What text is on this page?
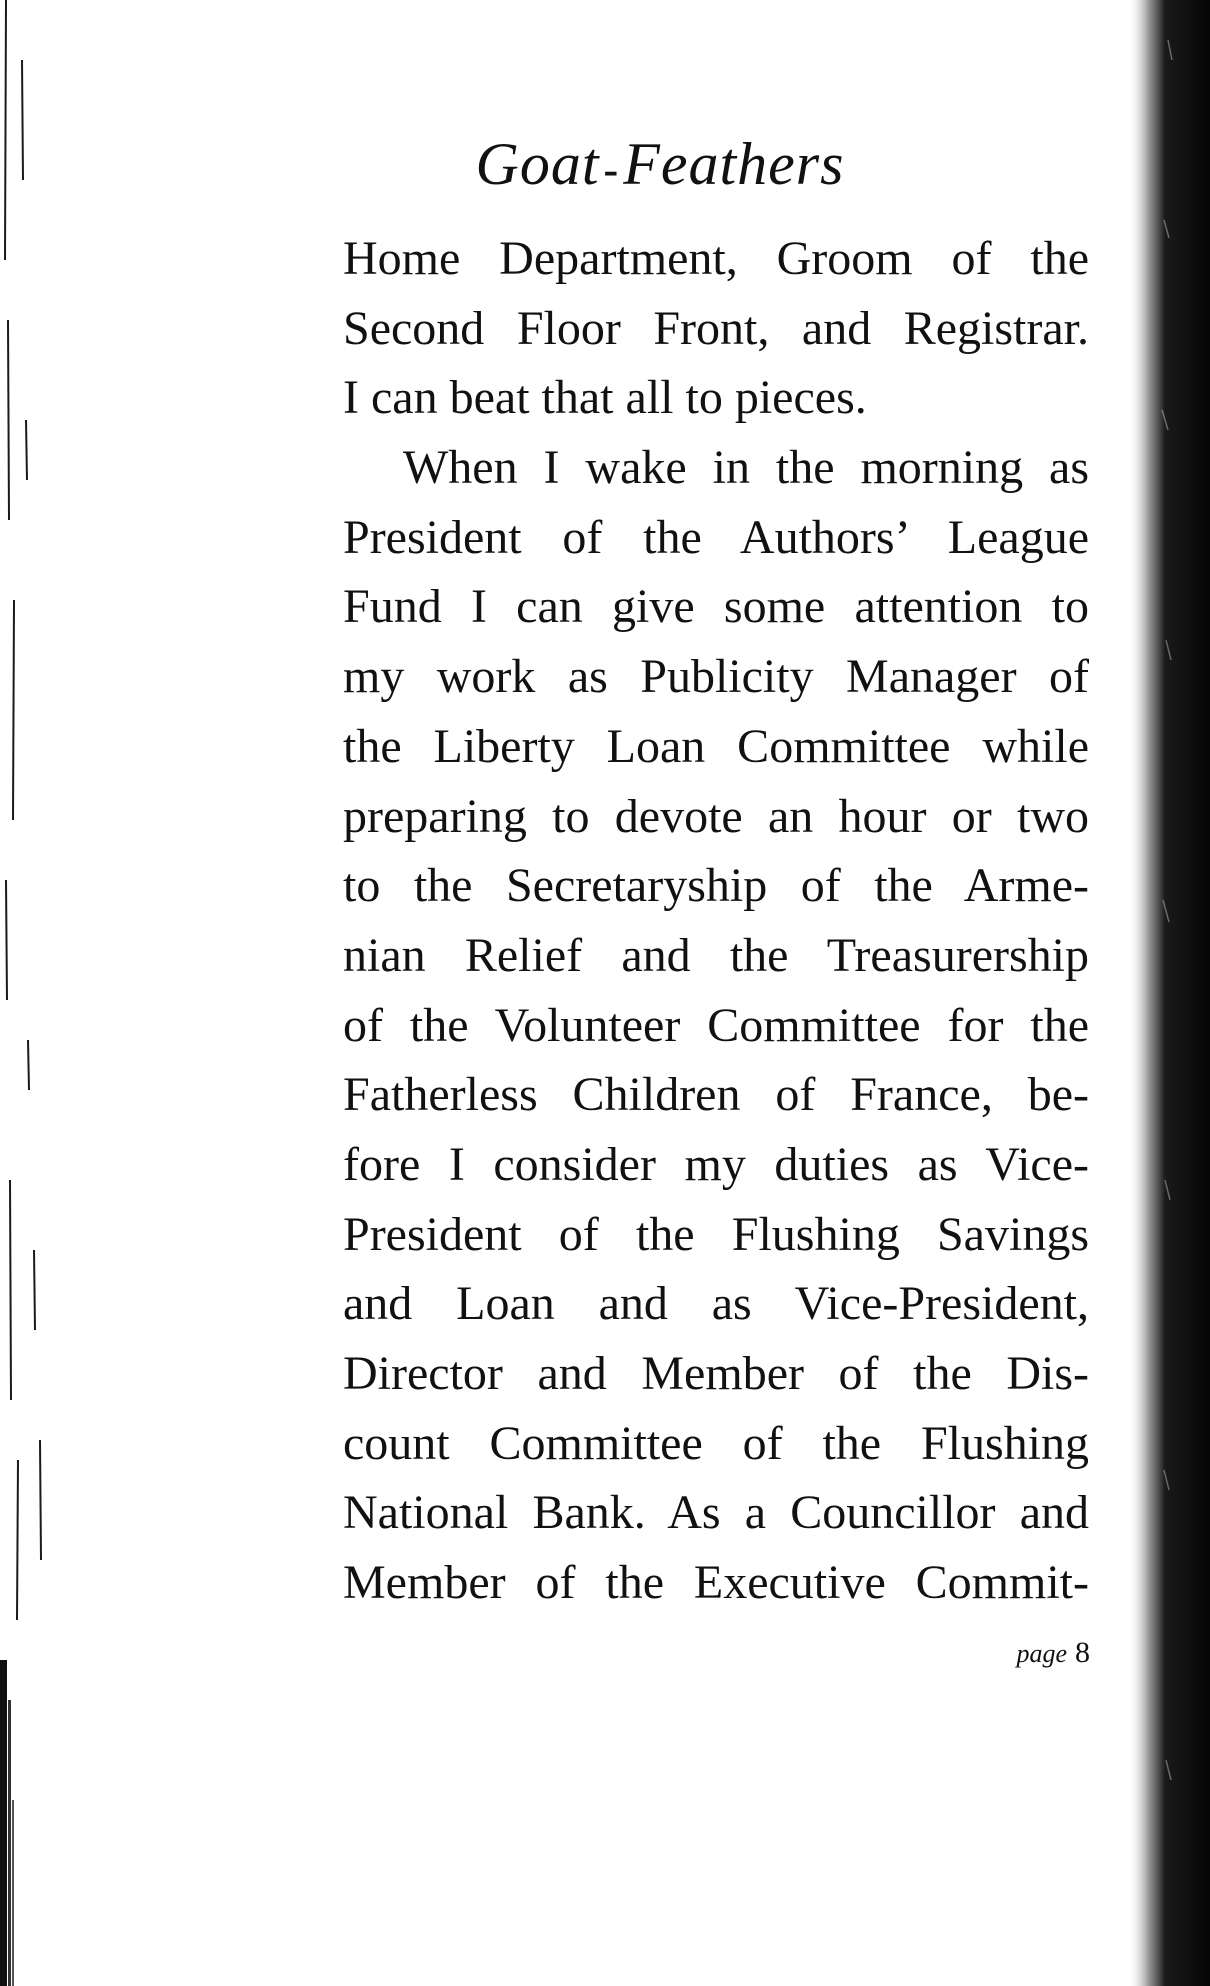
Goat-Feathers
Home Department, Groom of the
Second Floor Front, and Registrar.
I can beat that all to pieces.
When I wake in the morning as
President of the Authors’ League
Fund I can give some attention to
my work as Publicity Manager of
the Liberty Loan Committee while
preparing to devote an hour or two
to the Secretaryship of the Arme-
nian Relief and the Treasurership
of the Volunteer Committee for the
Fatherless Children of France, be-
fore I consider my duties as Vice-
President of the Flushing Savings
and Loan and as Vice-President,
Director and Member of the Dis-
count Committee of the Flushing
National Bank. As a Councillor and
Member of the Executive Commit-
page 8
